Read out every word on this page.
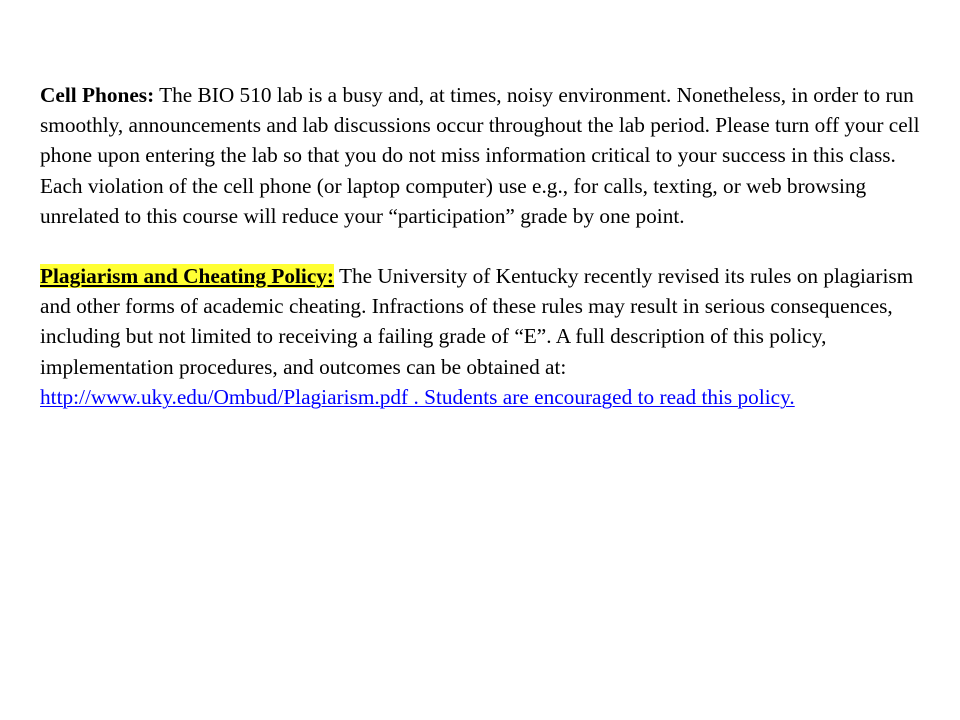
Cell Phones: The BIO 510 lab is a busy and, at times, noisy environment. Nonetheless, in order to run smoothly, announcements and lab discussions occur throughout the lab period. Please turn off your cell phone upon entering the lab so that you do not miss information critical to your success in this class. Each violation of the cell phone (or laptop computer) use e.g., for calls, texting, or web browsing unrelated to this course will reduce your “participation” grade by one point.

Plagiarism and Cheating Policy: The University of Kentucky recently revised its rules on plagiarism and other forms of academic cheating. Infractions of these rules may result in serious consequences, including but not limited to receiving a failing grade of “E”. A full description of this policy, implementation procedures, and outcomes can be obtained at:
http://www.uky.edu/Ombud/Plagiarism.pdf . Students are encouraged to read this policy.
